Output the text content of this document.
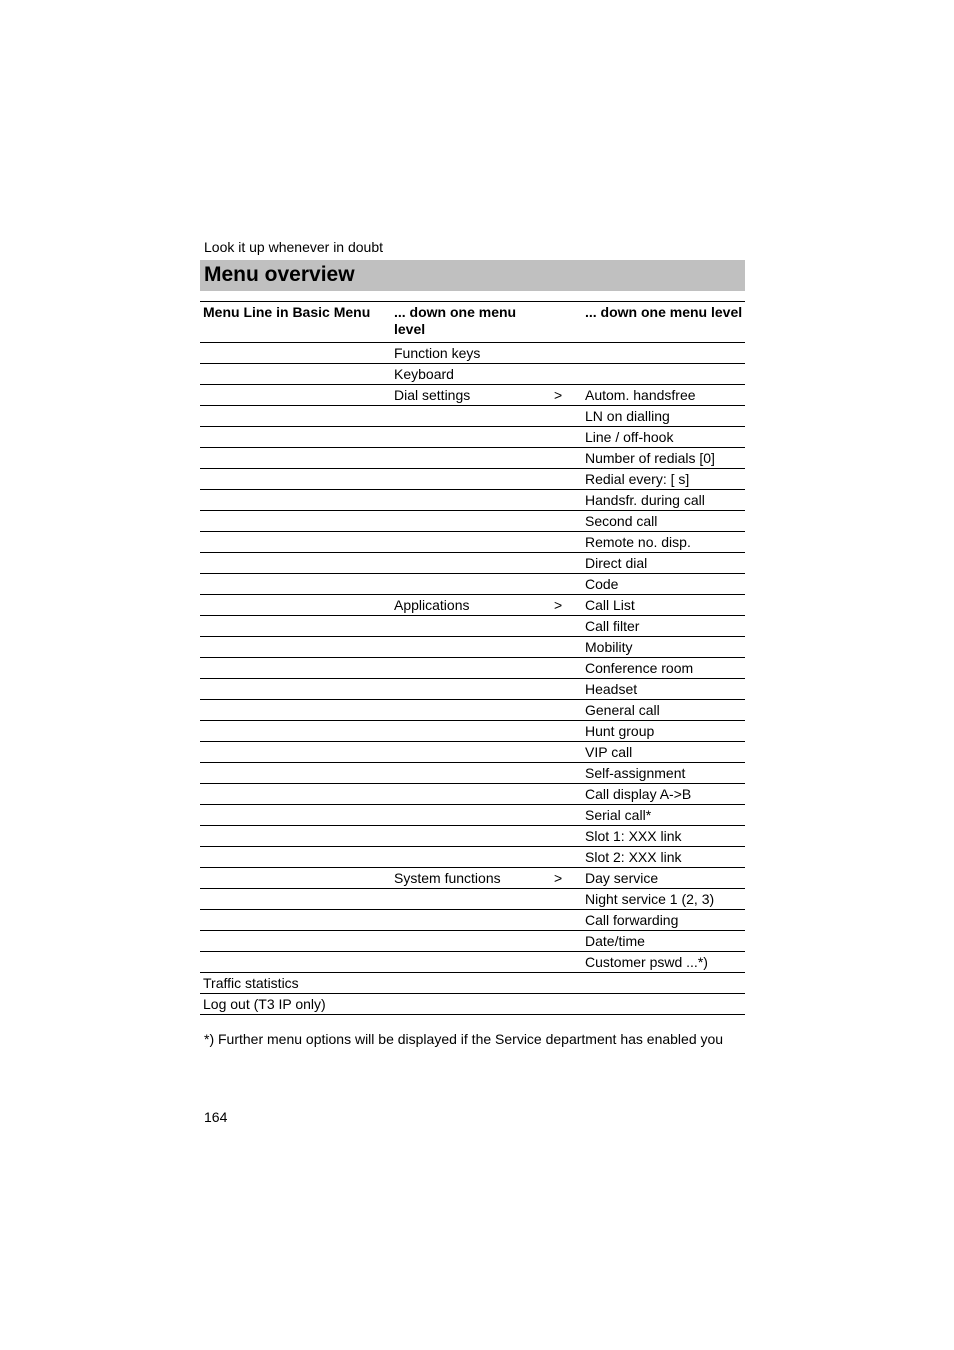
Look it up whenever in doubt
Menu overview
Menu Line in Basic Menu	... down one menu level		... down one menu level
	Function keys		
	Keyboard		
	Dial settings	>	Autom. handsfree
			LN on dialling
			Line / off-hook
			Number of redials [0]
			Redial every: [ s]
			Handsfr. during call
			Second call
			Remote no. disp.
			Direct dial
			Code
	Applications	>	Call List
			Call filter
			Mobility
			Conference room
			Headset
			General call
			Hunt group
			VIP call
			Self-assignment
			Call display A->B
			Serial call*
			Slot 1: XXX link
			Slot 2: XXX link
	System functions	>	Day service
			Night service 1 (2, 3)
			Call forwarding
			Date/time
			Customer pswd ...*)
Traffic statistics			
Log out (T3 IP only)			
*) Further menu options will be displayed if the Service department has enabled you
164
